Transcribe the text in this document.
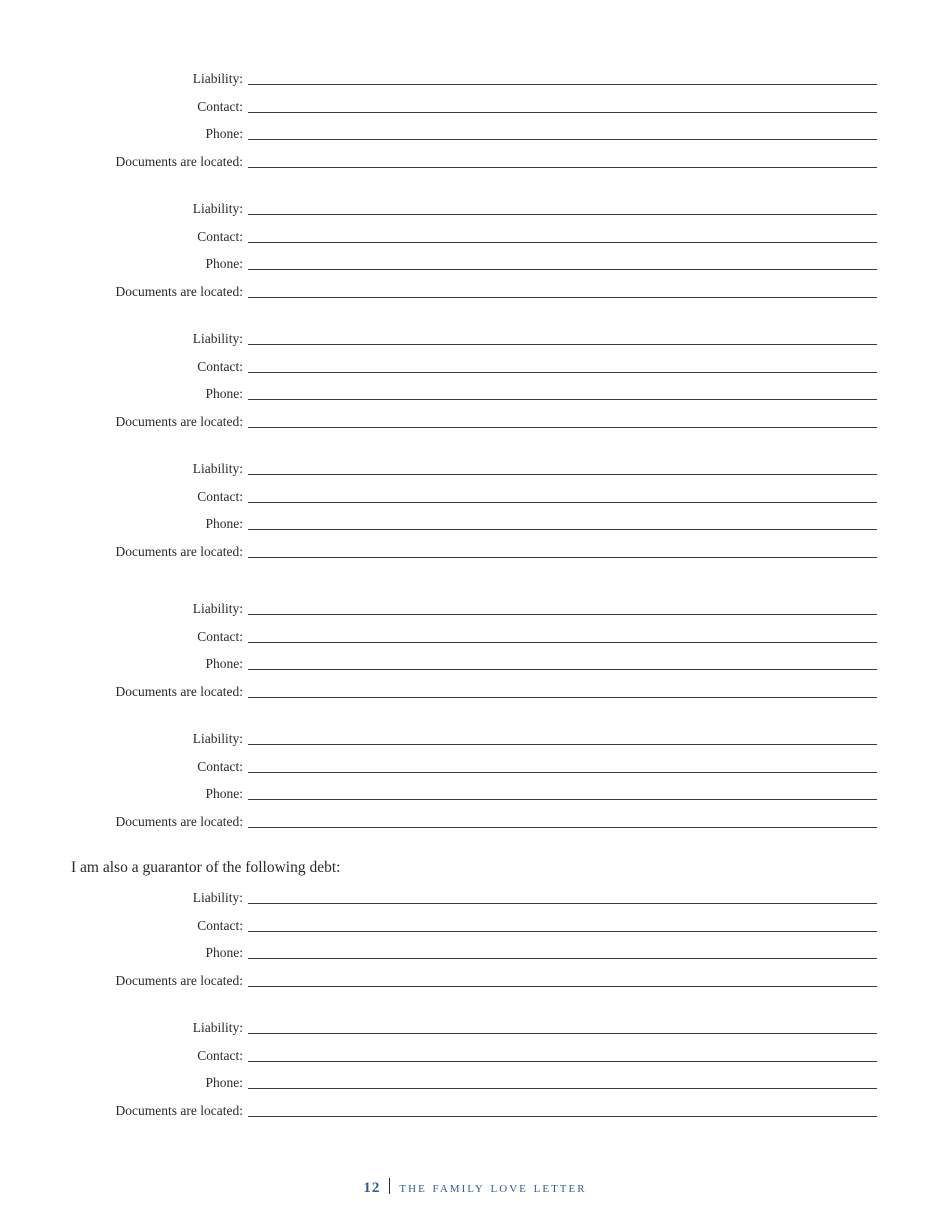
Liability:
Contact:
Phone:
Documents are located:
Liability:
Contact:
Phone:
Documents are located:
Liability:
Contact:
Phone:
Documents are located:
Liability:
Contact:
Phone:
Documents are located:
Liability:
Contact:
Phone:
Documents are located:
Liability:
Contact:
Phone:
Documents are located:
Liability:
Contact:
Phone:
Documents are located:
Liability:
Contact:
Phone:
Documents are located:
I am also a guarantor of the following debt:
12 the family love letter
